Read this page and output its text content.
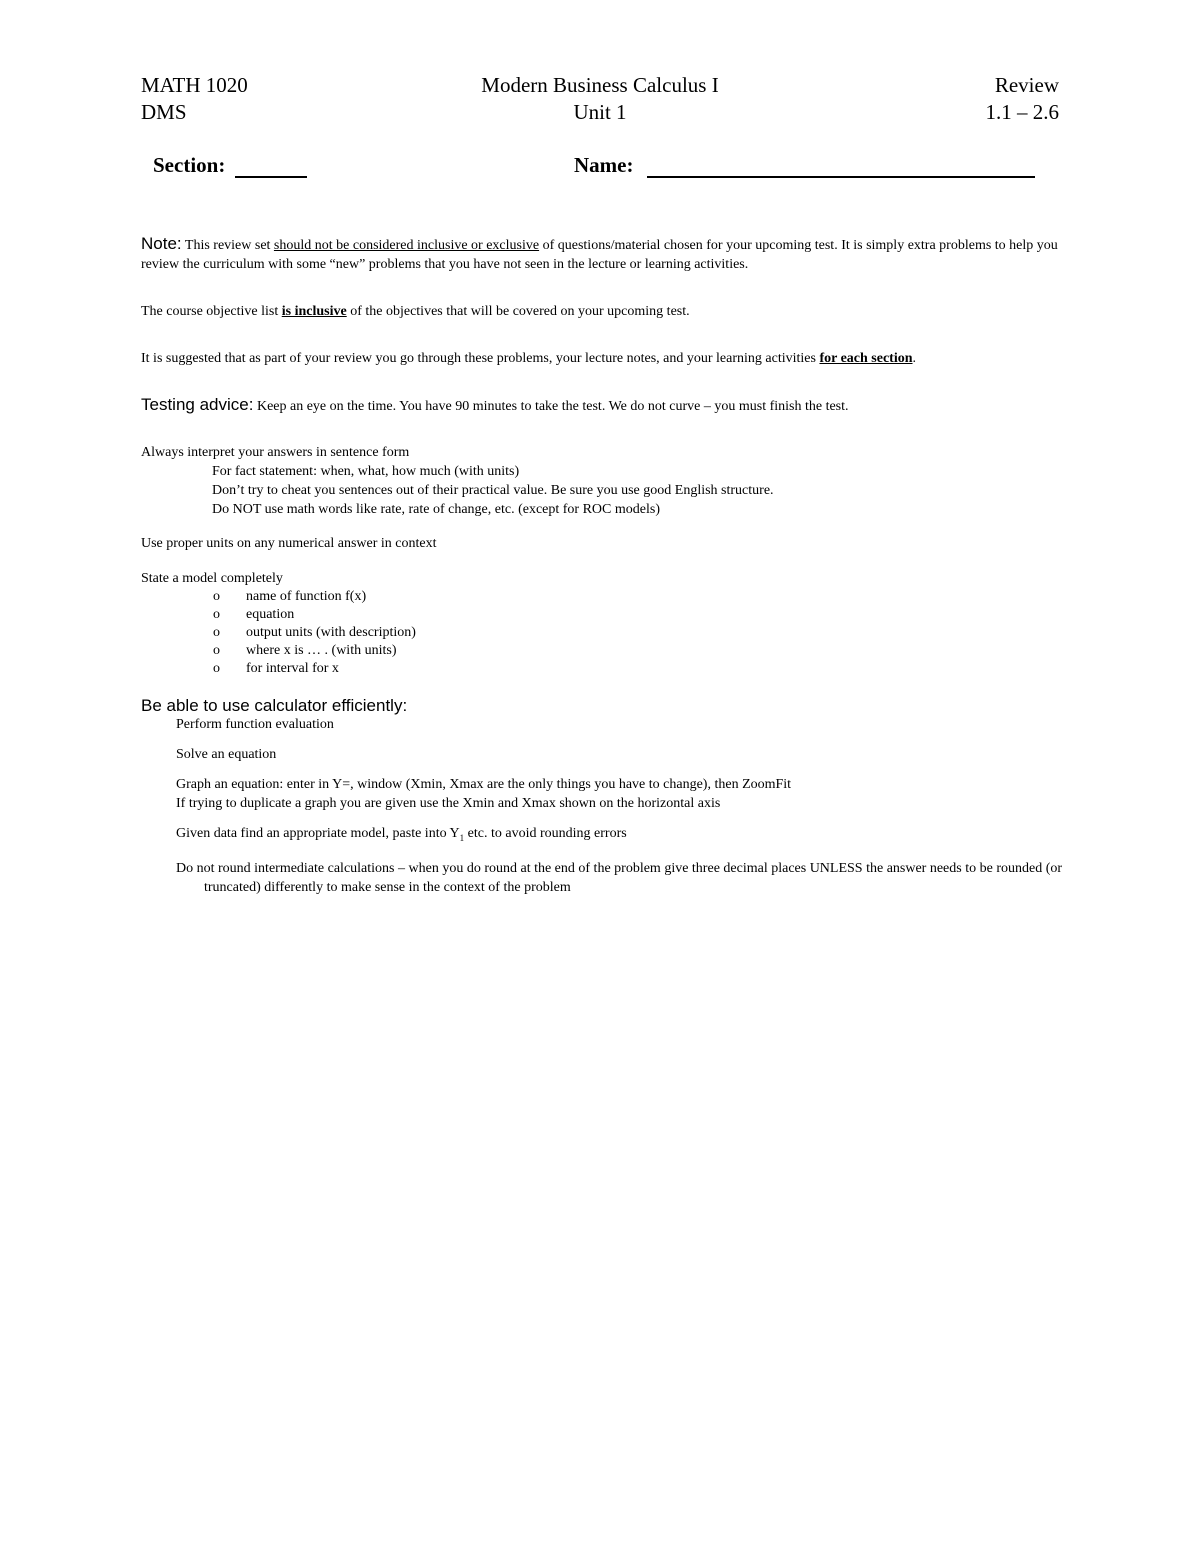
MATH 1020
DMS
Modern Business Calculus I
Unit 1
Review
1.1 – 2.6
Section:	Name:
Note: This review set should not be considered inclusive or exclusive of questions/material chosen for your upcoming test. It is simply extra problems to help you review the curriculum with some “new” problems that you have not seen in the lecture or learning activities.
The course objective list is inclusive of the objectives that will be covered on your upcoming test.
It is suggested that as part of your review you go through these problems, your lecture notes, and your learning activities for each section.
Testing advice: Keep an eye on the time. You have 90 minutes to take the test. We do not curve – you must finish the test.
Always interpret your answers in sentence form
For fact statement: when, what, how much (with units)
Don’t try to cheat you sentences out of their practical value. Be sure you use good English structure.
Do NOT use math words like rate, rate of change, etc. (except for ROC models)
Use proper units on any numerical answer in context
State a model completely
o name of function f(x)
o equation
o output units (with description)
o where x is … . (with units)
o for interval for x
Be able to use calculator efficiently:
Perform function evaluation
Solve an equation
Graph an equation: enter in Y=, window (Xmin, Xmax are the only things you have to change), then ZoomFit
If trying to duplicate a graph you are given use the Xmin and Xmax shown on the horizontal axis
Given data find an appropriate model, paste into $Y_1$ etc. to avoid rounding errors
Do not round intermediate calculations – when you do round at the end of the problem give three decimal places UNLESS the answer needs to be rounded (or truncated) differently to make sense in the context of the problem
